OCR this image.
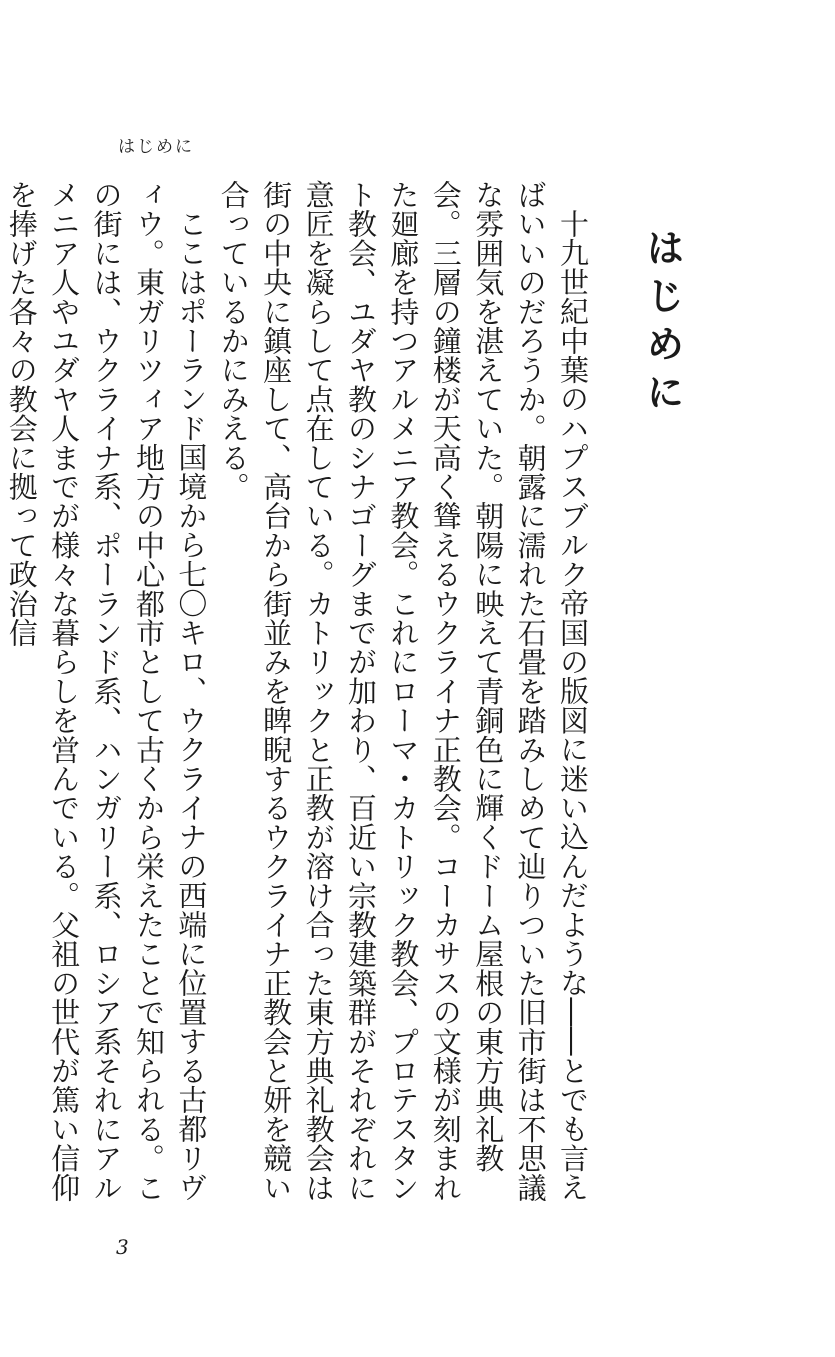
はじめに
はじめに

十九世紀中葉のハプスブルク帝国の版図に迷い込んだような――とでも言えばいいのだろうか。朝露に濡れた石畳を踏みしめて辿りついた旧市街は不思議な雰囲気を湛えていた。朝陽に映えて青銅色に輝くドーム屋根の東方典礼教会。三層の鐘楼が天高く聳えるウクライナ正教会。コーカサスの文様が刻まれた廻廊を持つアルメニア教会。これにローマ・カトリック教会、プロテスタント教会、ユダヤ教のシナゴーグまでが加わり、百近い宗教建築群がそれぞれに意匠を凝らして点在している。カトリックと正教が溶け合った東方典礼教会は街の中央に鎮座して、高台から街並みを睥睨するウクライナ正教会と妍を競い合っているかにみえる。

ここはポーランド国境から七〇キロ、ウクライナの西端に位置する古都リヴィウ。東ガリツィア地方の中心都市として古くから栄えたことで知られる。この街には、ウクライナ系、ポーランド系、ハンガリー系、ロシア系それにアルメニア人やユダヤ人までが様々な暮らしを営んでいる。父祖の世代が篤い信仰を捧げた各々の教会に拠って政治信

3
